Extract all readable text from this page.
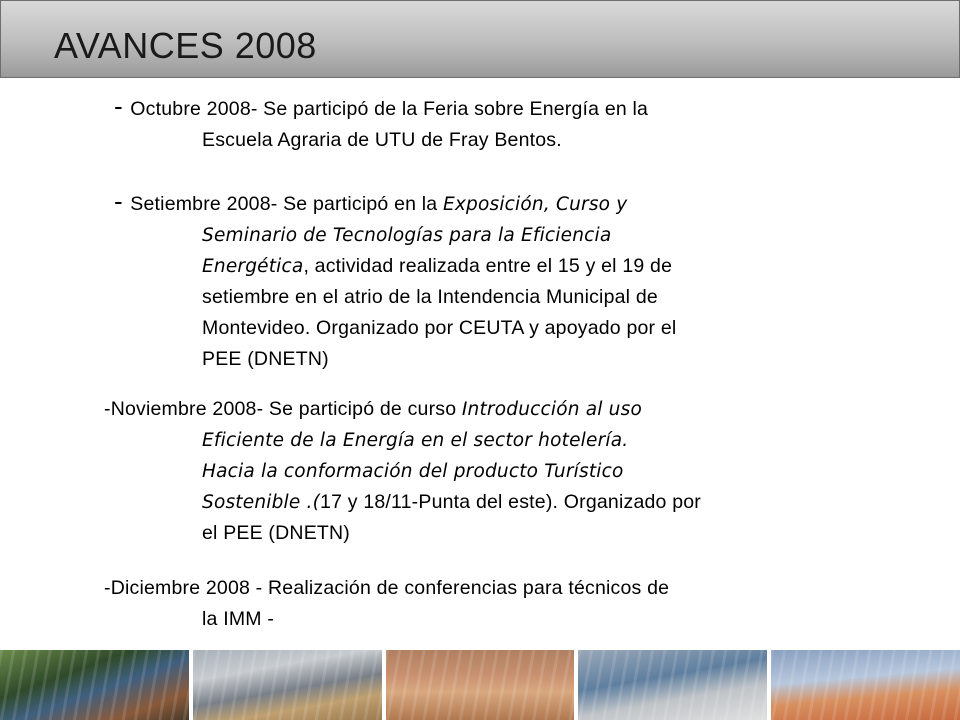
AVANCES 2008
- Octubre 2008- Se participó de la Feria sobre Energía en la
Escuela Agraria de UTU de Fray Bentos.
- Setiembre 2008- Se participó en la Exposición, Curso y
Seminario de Tecnologías para la Eficiencia
Energética, actividad realizada entre el 15 y el 19 de
setiembre en el atrio de la Intendencia Municipal de
Montevideo. Organizado por CEUTA y apoyado por el
PEE (DNETN)
-Noviembre 2008- Se participó de curso Introducción al uso
Eficiente de la Energía en el sector hotelería.
Hacia la conformación del producto Turístico
Sostenible .(17 y 18/11-Punta del este). Organizado por
el PEE (DNETN)
-Diciembre 2008 - Realización de conferencias para técnicos de
la IMM -
